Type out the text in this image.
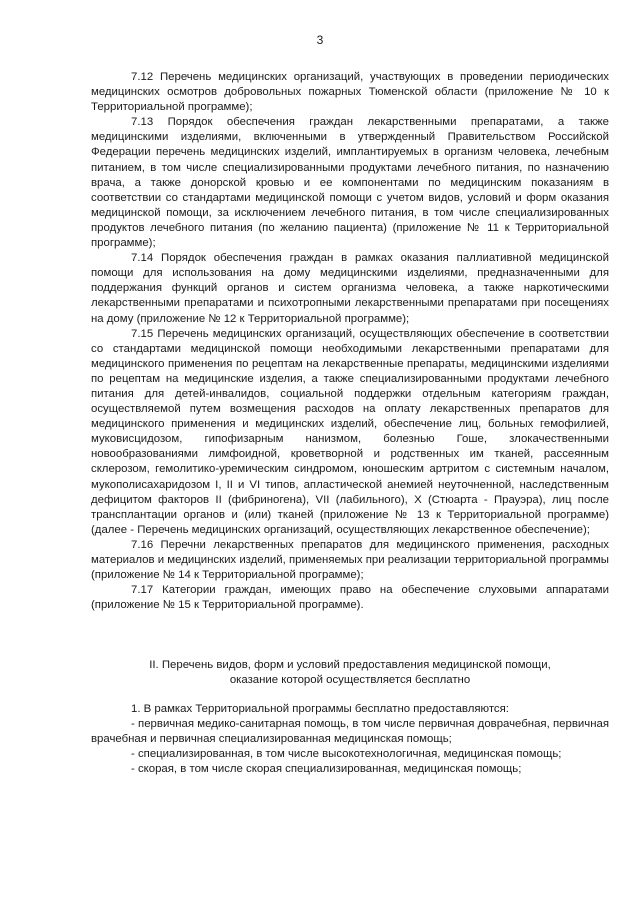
3

7.12 Перечень медицинских организаций, участвующих в проведении периодических медицинских осмотров добровольных пожарных Тюменской области (приложение № 10 к Территориальной программе);

7.13 Порядок обеспечения граждан лекарственными препаратами, а также медицинскими изделиями, включенными в утвержденный Правительством Российской Федерации перечень медицинских изделий, имплантируемых в организм человека, лечебным питанием, в том числе специализированными продуктами лечебного питания, по назначению врача, а также донорской кровью и ее компонентами по медицинским показаниям в соответствии со стандартами медицинской помощи с учетом видов, условий и форм оказания медицинской помощи, за исключением лечебного питания, в том числе специализированных продуктов лечебного питания (по желанию пациента) (приложение № 11 к Территориальной программе);

7.14 Порядок обеспечения граждан в рамках оказания паллиативной медицинской помощи для использования на дому медицинскими изделиями, предназначенными для поддержания функций органов и систем организма человека, а также наркотическими лекарственными препаратами и психотропными лекарственными препаратами при посещениях на дому (приложение № 12 к Территориальной программе);

7.15 Перечень медицинских организаций, осуществляющих обеспечение в соответствии со стандартами медицинской помощи необходимыми лекарственными препаратами для медицинского применения по рецептам на лекарственные препараты, медицинскими изделиями по рецептам на медицинские изделия, а также специализированными продуктами лечебного питания для детей-инвалидов, социальной поддержки отдельным категориям граждан, осуществляемой путем возмещения расходов на оплату лекарственных препаратов для медицинского применения и медицинских изделий, обеспечение лиц, больных гемофилией, муковисцидозом, гипофизарным нанизмом, болезнью Гоше, злокачественными новообразованиями лимфоидной, кроветворной и родственных им тканей, рассеянным склерозом, гемолитико-уремическим синдромом, юношеским артритом с системным началом, мукополисахаридозом I, II и VI типов, апластической анемией неуточненной, наследственным дефицитом факторов II (фибриногена), VII (лабильного), X (Стюарта - Прауэра), лиц после трансплантации органов и (или) тканей (приложение № 13 к Территориальной программе) (далее - Перечень медицинских организаций, осуществляющих лекарственное обеспечение);

7.16 Перечни лекарственных препаратов для медицинского применения, расходных материалов и медицинских изделий, применяемых при реализации территориальной программы (приложение № 14 к Территориальной программе);

7.17 Категории граждан, имеющих право на обеспечение слуховыми аппаратами (приложение № 15 к Территориальной программе).

II. Перечень видов, форм и условий предоставления медицинской помощи,
оказание которой осуществляется бесплатно

1. В рамках Территориальной программы бесплатно предоставляются:

- первичная медико-санитарная помощь, в том числе первичная доврачебная, первичная врачебная и первичная специализированная медицинская помощь;

- специализированная, в том числе высокотехнологичная, медицинская помощь;

- скорая, в том числе скорая специализированная, медицинская помощь;
